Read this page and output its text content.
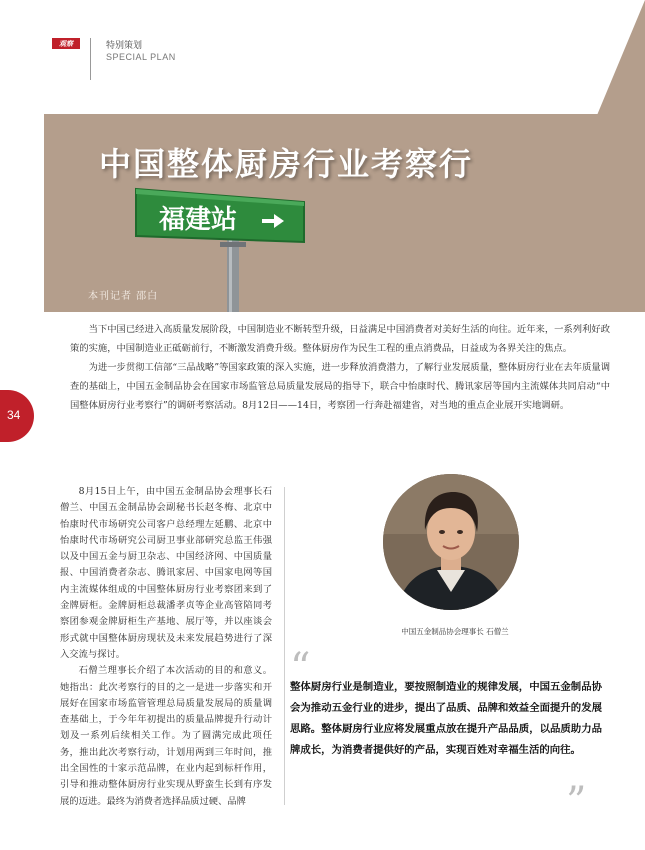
观察	特别策划
SPECIAL PLAN
中国整体厨房行业考察行
福建站
本刊记者 邵白
34

当下中国已经进入高质量发展阶段，中国制造业不断转型升级，日益满足中国消费者对美好生活的向往。近年来，一系列利好政策的实施，中国制造业正砥砺前行，不断激发消费升级。整体厨房作为民生工程的重点消费品，日益成为各界关注的焦点。

为进一步贯彻工信部“三品战略”等国家政策的深入实施，进一步释放消费潜力，了解行业发展质量，整体厨房行业在去年质量调查的基础上，中国五金制品协会在国家市场监管总局质量发展局的指导下，联合中怡康时代、腾讯家居等国内主流媒体共同启动“中国整体厨房行业考察行”的调研考察活动。8月12日——14日，考察团一行奔赴福建省，对当地的重点企业展开实地调研。

8月15日上午，由中国五金制品协会理事长石僧兰、中国五金制品协会副秘书长赵冬梅、北京中怡康时代市场研究公司客户总经理左延鹏、北京中怡康时代市场研究公司厨卫事业部研究总监王伟强以及中国五金与厨卫杂志、中国经济网、中国质量报、中国消费者杂志、腾讯家居、中国家电网等国内主流媒体组成的中国整体厨房行业考察团来到了金牌厨柜。金牌厨柜总裁潘孝贞等企业高管陪同考察团参观金牌厨柜生产基地、展厅等，并以座谈会形式就中国整体厨房现状及未来发展趋势进行了深入交流与探讨。

石僧兰理事长介绍了本次活动的目的和意义。她指出：此次考察行的目的之一是进一步落实和开展好在国家市场监管管理总局质量发展局的质量调查基础上，于今年年初提出的质量品牌提升行动计划及一系列后续相关工作。为了圆满完成此项任务，推出此次考察行动，计划用两到三年时间，推出全国性的十家示范品牌，在业内起到标杆作用，引导和推动整体厨房行业实现从野蛮生长到有序发展的迈进。最终为消费者选择品质过硬、品牌

中国五金制品协会理事长 石僧兰
“
整体厨房行业是制造业，要按照制造业的规律发展，中国五金制品协会为推动五金行业的进步，提出了品质、品牌和效益全面提升的发展思路。整体厨房行业应将发展重点放在提升产品品质，以品质助力品牌成长，为消费者提供好的产品，实现百姓对幸福生活的向往。
”
